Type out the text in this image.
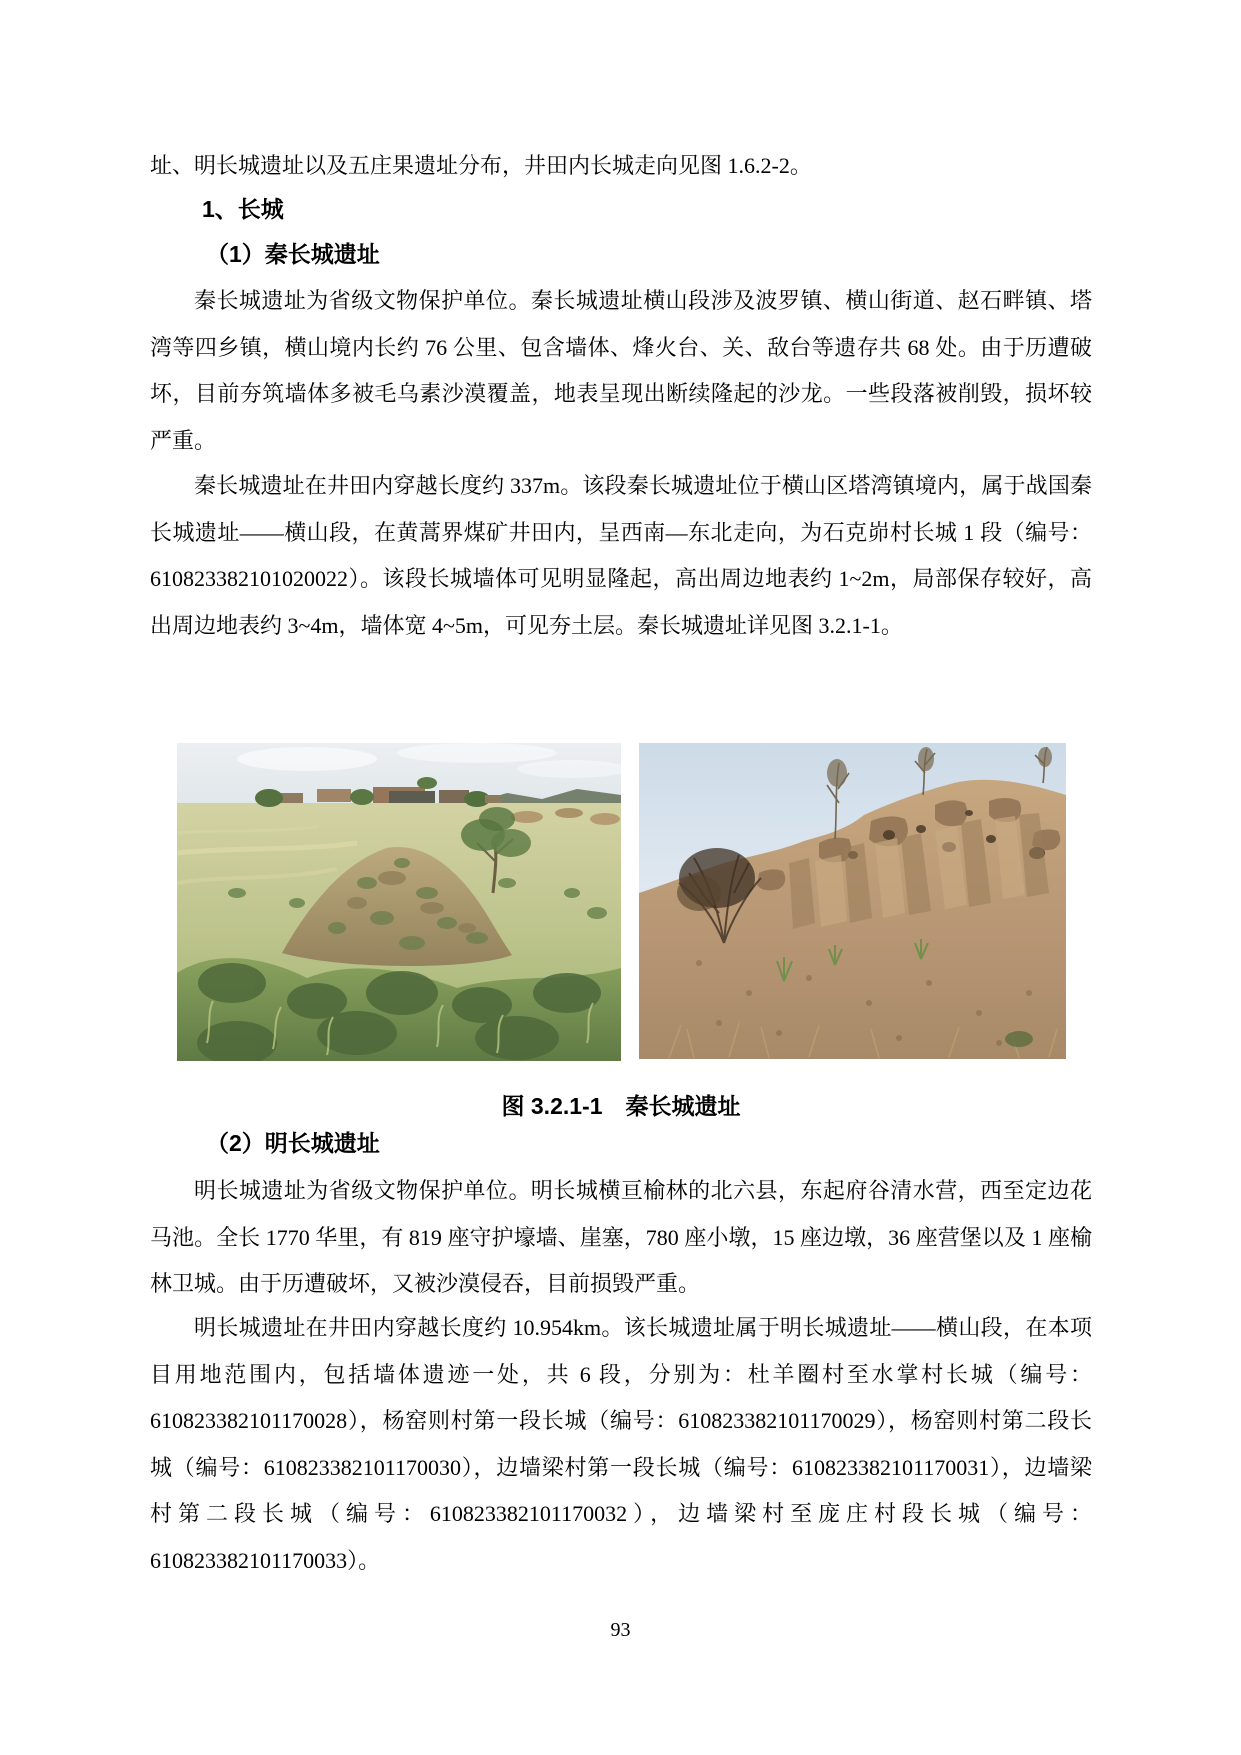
址、明长城遗址以及五庄果遗址分布，井田内长城走向见图 1.6.2-2。

1、长城
（1）秦长城遗址

秦长城遗址为省级文物保护单位。秦长城遗址横山段涉及波罗镇、横山街道、赵石畔镇、塔湾等四乡镇，横山境内长约 76 公里、包含墙体、烽火台、关、敌台等遗存共 68 处。由于历遭破坏，目前夯筑墙体多被毛乌素沙漠覆盖，地表呈现出断续隆起的沙龙。一些段落被削毁，损坏较严重。

秦长城遗址在井田内穿越长度约 337m。该段秦长城遗址位于横山区塔湾镇境内，属于战国秦长城遗址——横山段，在黄蒿界煤矿井田内，呈西南—东北走向，为石克峁村长城 1 段（编号：610823382101020022）。该段长城墙体可见明显隆起，高出周边地表约 1~2m，局部保存较好，高出周边地表约 3~4m，墙体宽 4~5m，可见夯土层。秦长城遗址详见图 3.2.1-1。

图 3.2.1-1　秦长城遗址

（2）明长城遗址

明长城遗址为省级文物保护单位。明长城横亘榆林的北六县，东起府谷清水营，西至定边花马池。全长 1770 华里，有 819 座守护壕墙、崖塞，780 座小墩，15 座边墩，36 座营堡以及 1 座榆林卫城。由于历遭破坏，又被沙漠侵吞，目前损毁严重。

明长城遗址在井田内穿越长度约 10.954km。该长城遗址属于明长城遗址——横山段，在本项目用地范围内，包括墙体遗迹一处，共 6 段，分别为：杜羊圈村至水掌村长城（编号：610823382101170028），杨窑则村第一段长城（编号：610823382101170029），杨窑则村第二段长城（编号：610823382101170030），边墙梁村第一段长城（编号：610823382101170031），边墙梁村第二段长城（编号：610823382101170032），边墙梁村至庞庄村段长城（编号：610823382101170033）。

93
